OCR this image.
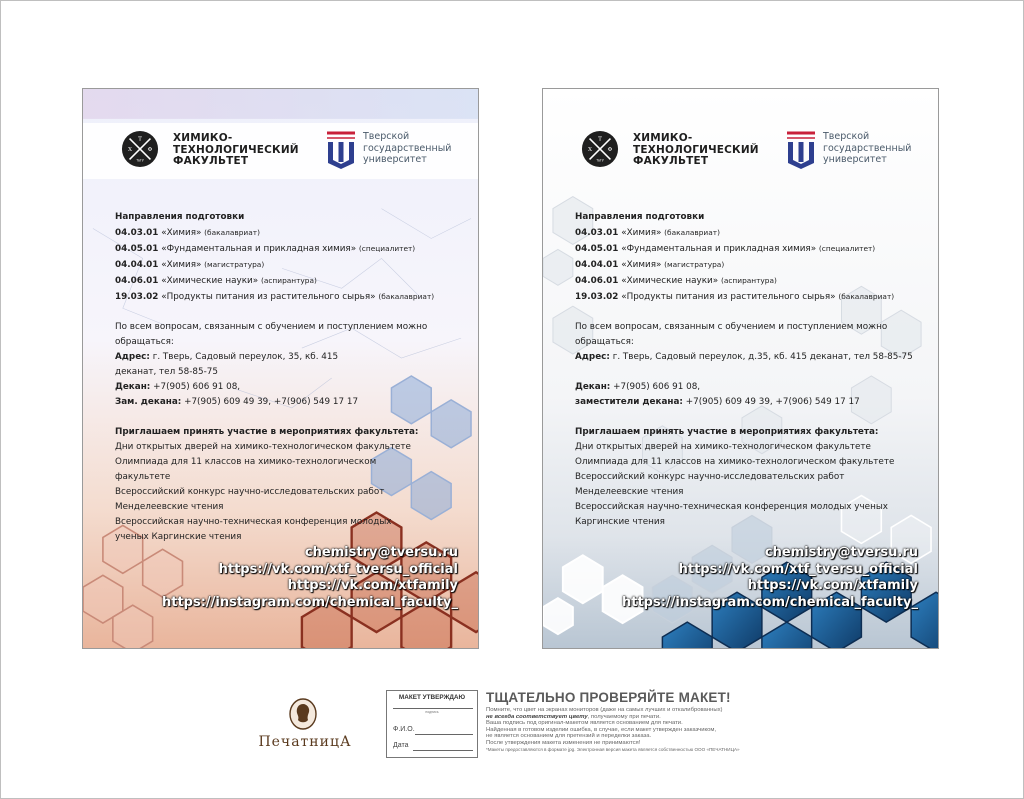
Т
Х	Φ
ТвГУ
ХИМИКО-
ТЕХНОЛОГИЧЕСКИЙ
ФАКУЛЬТЕТ
Тверской
государственный
университет
Направления подготовки
04.03.01 «Химия» (бакалавриат)
04.05.01 «Фундаментальная и прикладная химия» (специалитет)
04.04.01 «Химия» (магистратура)
04.06.01 «Химические науки» (аспирантура)
19.03.02 «Продукты питания из растительного сырья» (бакалавриат)
По всем вопросам, связанным с обучением и поступлением можно
обращаться:
Адрес: г. Тверь, Садовый переулок, 35, кб. 415
деканат, тел 58-85-75
Декан: +7(905) 606 91 08,
Зам. декана: +7(905) 609 49 39, +7(906) 549 17 17
Приглашаем принять участие в мероприятиях факультета:
Дни открытых дверей на химико-технологическом факультете
Олимпиада для 11 классов на химико-технологическом
факультете
Всероссийский конкурс научно-исследовательских работ
Менделеевские чтения
Всероссийская научно-техническая конференция молодых
ученых Каргинские чтения
chemistry@tversu.ru
https://vk.com/xtf_tversu_official
https://vk.com/xtfamily
https://instagram.com/chemical_faculty_
Т
Х	Φ
ТвГУ
ХИМИКО-
ТЕХНОЛОГИЧЕСКИЙ
ФАКУЛЬТЕТ
Тверской
государственный
университет
Направления подготовки
04.03.01 «Химия» (бакалавриат)
04.05.01 «Фундаментальная и прикладная химия» (специалитет)
04.04.01 «Химия» (магистратура)
04.06.01 «Химические науки» (аспирантура)
19.03.02 «Продукты питания из растительного сырья» (бакалавриат)
По всем вопросам, связанным с обучением и поступлением можно
обращаться:
Адрес: г. Тверь, Садовый переулок, д.35, кб. 415 деканат, тел 58-85-75
Декан: +7(905) 606 91 08,
заместители декана: +7(905) 609 49 39, +7(906) 549 17 17
Приглашаем принять участие в мероприятиях факультета:
Дни открытых дверей на химико-технологическом факультете
Олимпиада для 11 классов на химико-технологическом факультете
Всероссийский конкурс научно-исследовательских работ
Менделеевские чтения
Всероссийская научно-техническая конференция молодых ученых
Каргинские чтения
chemistry@tversu.ru
https://vk.com/xtf_tversu_official
https://vk.com/xtfamily
https://instagram.com/chemical_faculty_
ПечатницА
МАКЕТ УТВЕРЖДАЮ
подпись
Ф.И.О.
Дата
ТЩАТЕЛЬНО ПРОВЕРЯЙТЕ МАКЕТ!
Помните, что цвет на экранах мониторов (даже на самых лучших и откалиброванных)
не всегда соответствует цвету, получаемому при печати.
Ваша подпись под оригинал-макетом является основанием для печати.
Найденная в готовом изделии ошибка, в случае, если макет утвержден заказчиком,
не является основанием для претензий и переделки заказа.
После утверждения макета изменения не принимаются!
*Макеты предоставляются в формате jpg. Электронная версия макета является собственностью ООО «ПЕЧАТНИЦА»
